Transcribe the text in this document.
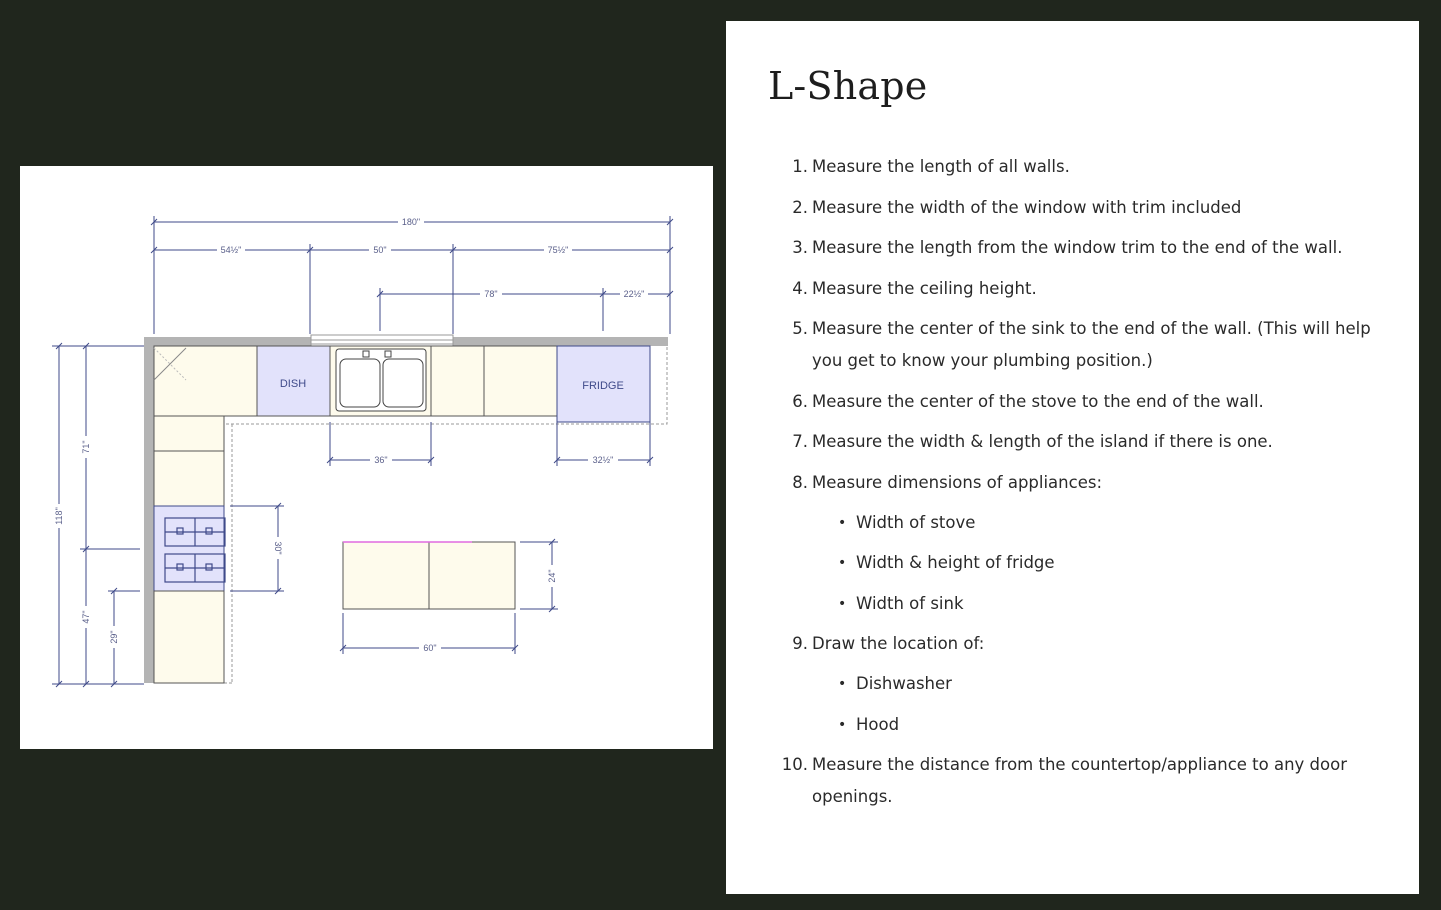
DISH	FRIDGE
180"
54½"	50"	75½"
78"	22½"
36"	32½"
60"
118"
71"
47"
29"
30"
24"
L-Shape
1. Measure the length of all walls.
2. Measure the width of the window with trim included
3. Measure the length from the window trim to the end of the wall.
4. Measure the ceiling height.
5. Measure the center of the sink to the end of the wall. (This will help you get to know your plumbing position.)
6. Measure the center of the stove to the end of the wall.
7. Measure the width & length of the island if there is one.
8. Measure dimensions of appliances:
• Width of stove
• Width & height of fridge
• Width of sink
9. Draw the location of:
• Dishwasher
• Hood
10. Measure the distance from the countertop/appliance to any door openings.
